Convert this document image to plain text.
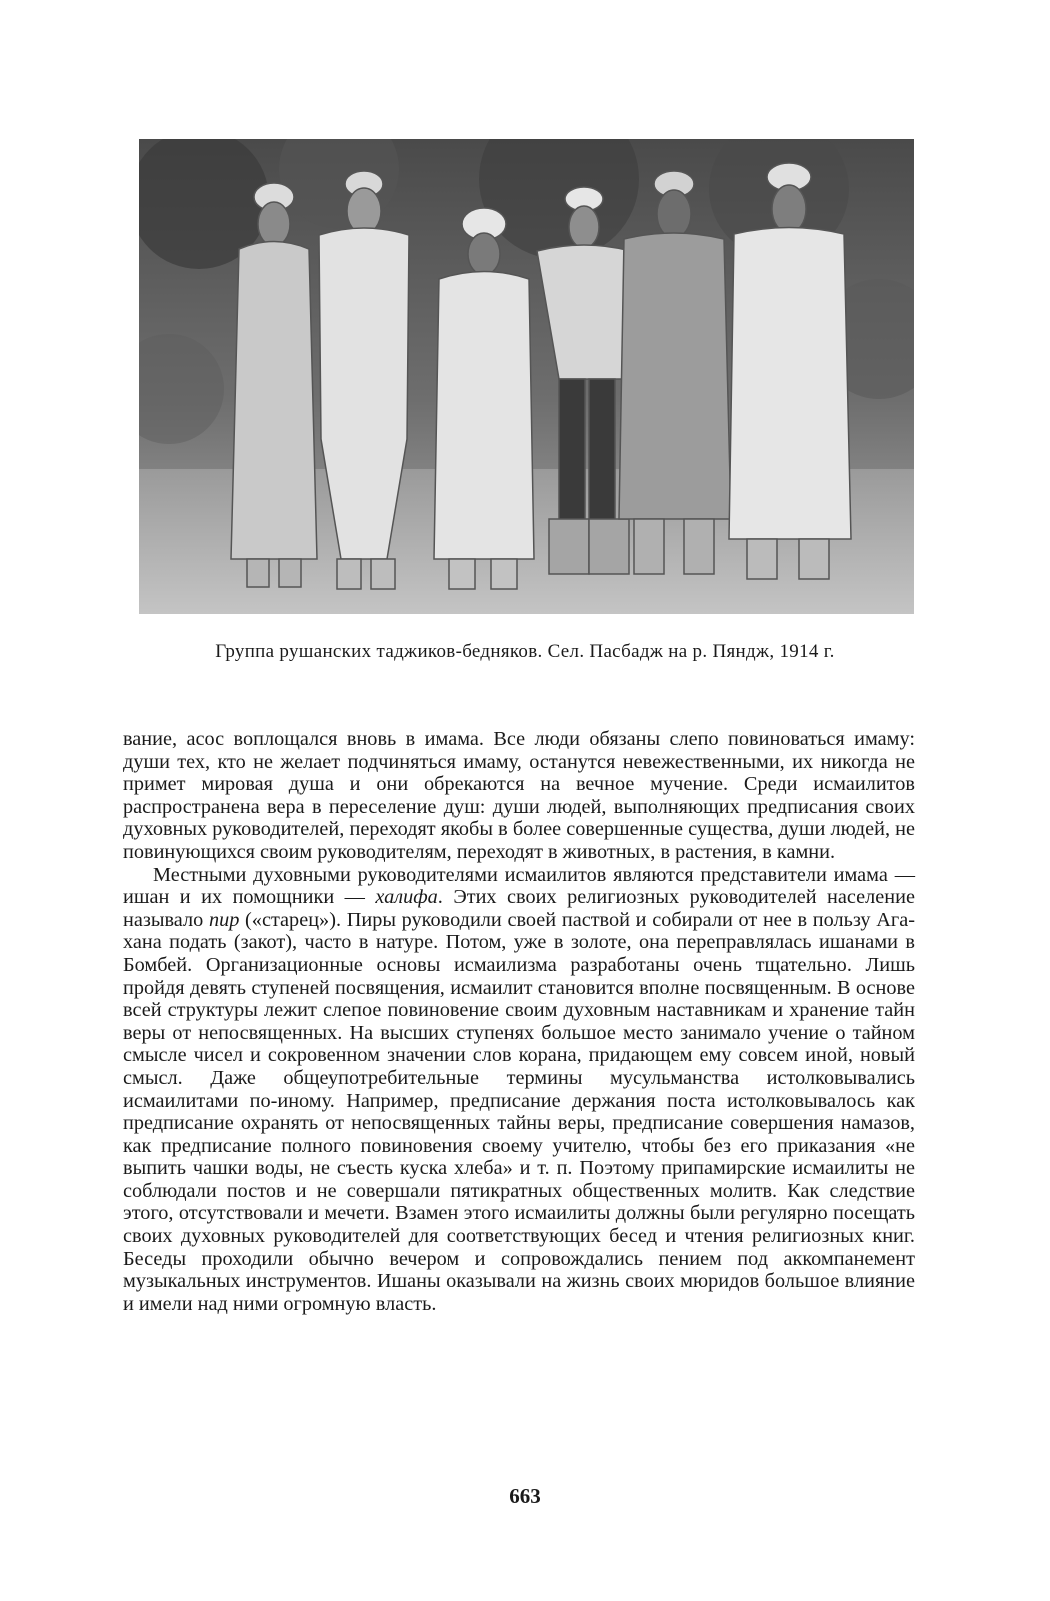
Группа рушанских таджиков-бедняков. Сел. Пасбадж на р. Пяндж, 1914 г.

вание, асос воплощался вновь в имама. Все люди обязаны слепо повиноваться имаму: души тех, кто не желает подчиняться имаму, останутся невежественными, их никогда не примет мировая душа и они обрекаются на вечное мучение. Среди исмаилитов распространена вера в переселение душ: души людей, выполняющих предписания своих духовных руководителей, переходят якобы в более совершенные существа, души людей, не повинующихся своим руководителям, переходят в животных, в растения, в камни.

Местными духовными руководителями исмаилитов являются представители имама — ишан и их помощники — халифа. Этих своих религиозных руководителей население называло пир («старец»). Пиры руководили своей паствой и собирали от нее в пользу Ага-хана подать (закот), часто в натуре. Потом, уже в золоте, она переправлялась ишанами в Бомбей. Организационные основы исмаилизма разработаны очень тщательно. Лишь пройдя девять ступеней посвящения, исмаилит становится вполне посвященным. В основе всей структуры лежит слепое повиновение своим духовным наставникам и хранение тайн веры от непосвященных. На высших ступенях большое место занимало учение о тайном смысле чисел и сокровенном значении слов корана, придающем ему совсем иной, новый смысл. Даже общеупотребительные термины мусульманства истолковывались исмаилитами по-иному. Например, предписание держания поста истолковывалось как предписание охранять от непосвященных тайны веры, предписание совершения намазов, как предписание полного повиновения своему учителю, чтобы без его приказания «не выпить чашки воды, не съесть куска хлеба» и т. п. Поэтому припамирские исмаилиты не соблюдали постов и не совершали пятикратных общественных молитв. Как следствие этого, отсутствовали и мечети. Взамен этого исмаилиты должны были регулярно посещать своих духовных руководителей для соответствующих бесед и чтения религиозных книг. Беседы проходили обычно вечером и сопровождались пением под аккомпанемент музыкальных инструментов. Ишаны оказывали на жизнь своих мюридов большое влияние и имели над ними огромную власть.

663
